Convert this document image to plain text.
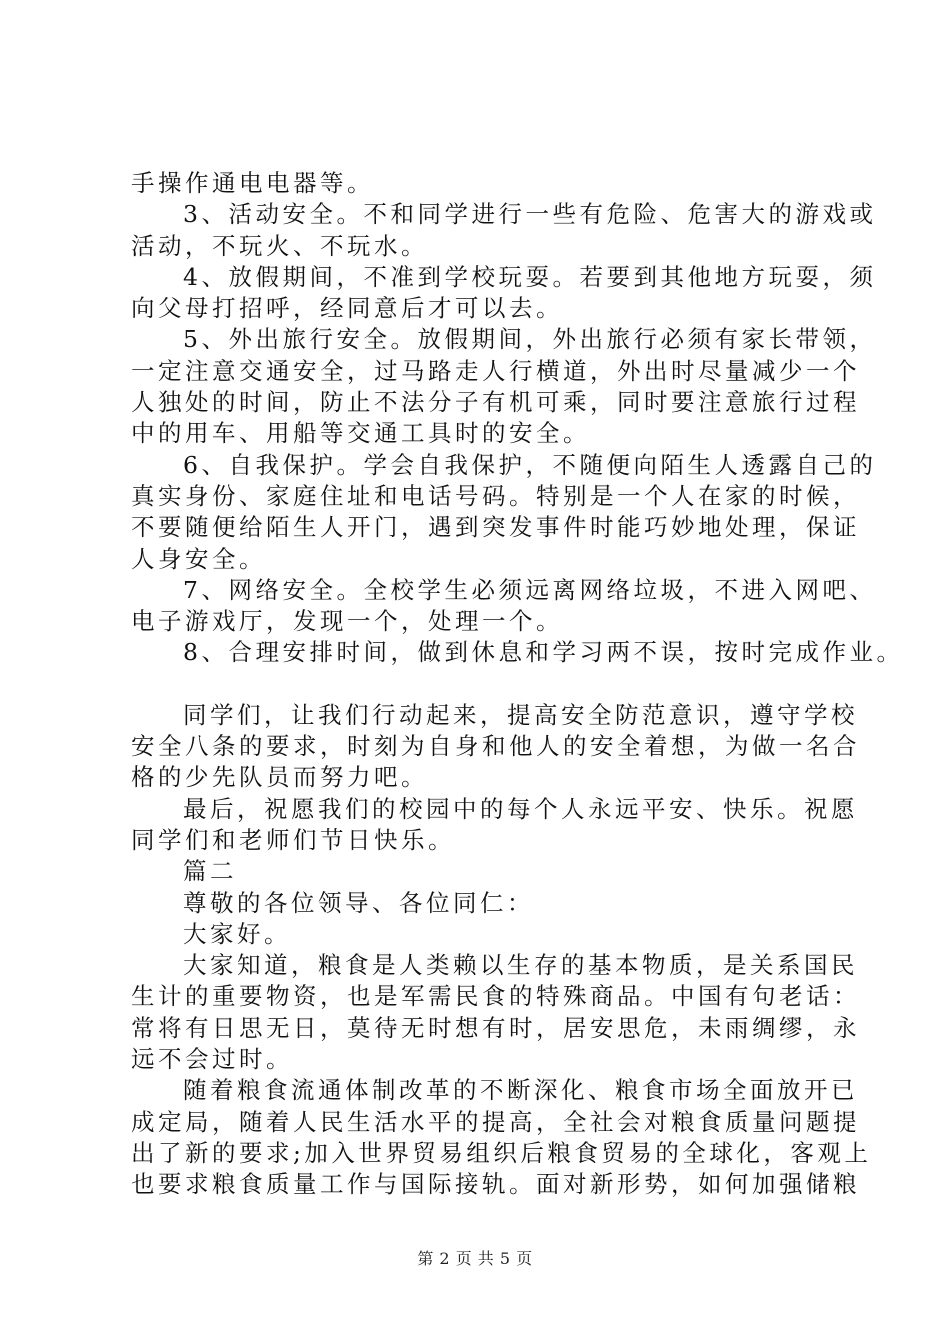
手操作通电电器等。

3、活动安全。不和同学进行一些有危险、危害大的游戏或

活动，不玩火、不玩水。

4、放假期间，不准到学校玩耍。若要到其他地方玩耍，须

向父母打招呼，经同意后才可以去。

5、外出旅行安全。放假期间，外出旅行必须有家长带领，

一定注意交通安全，过马路走人行横道，外出时尽量减少一个

人独处的时间，防止不法分子有机可乘，同时要注意旅行过程

中的用车、用船等交通工具时的安全。

6、自我保护。学会自我保护，不随便向陌生人透露自己的

真实身份、家庭住址和电话号码。特别是一个人在家的时候，

不要随便给陌生人开门，遇到突发事件时能巧妙地处理，保证

人身安全。

7、网络安全。全校学生必须远离网络垃圾，不进入网吧、

电子游戏厅，发现一个，处理一个。

8、合理安排时间，做到休息和学习两不误，按时完成作业。

同学们，让我们行动起来，提高安全防范意识，遵守学校

安全八条的要求，时刻为自身和他人的安全着想，为做一名合

格的少先队员而努力吧。

最后，祝愿我们的校园中的每个人永远平安、快乐。祝愿

同学们和老师们节日快乐。

篇二

尊敬的各位领导、各位同仁：

大家好。

大家知道，粮食是人类赖以生存的基本物质，是关系国民

生计的重要物资，也是军需民食的特殊商品。中国有句老话：

常将有日思无日，莫待无时想有时，居安思危，未雨绸缪，永

远不会过时。

随着粮食流通体制改革的不断深化、粮食市场全面放开已

成定局，随着人民生活水平的提高，全社会对粮食质量问题提

出了新的要求;加入世界贸易组织后粮食贸易的全球化，客观上

也要求粮食质量工作与国际接轨。面对新形势，如何加强储粮

第 2 页 共 5 页
